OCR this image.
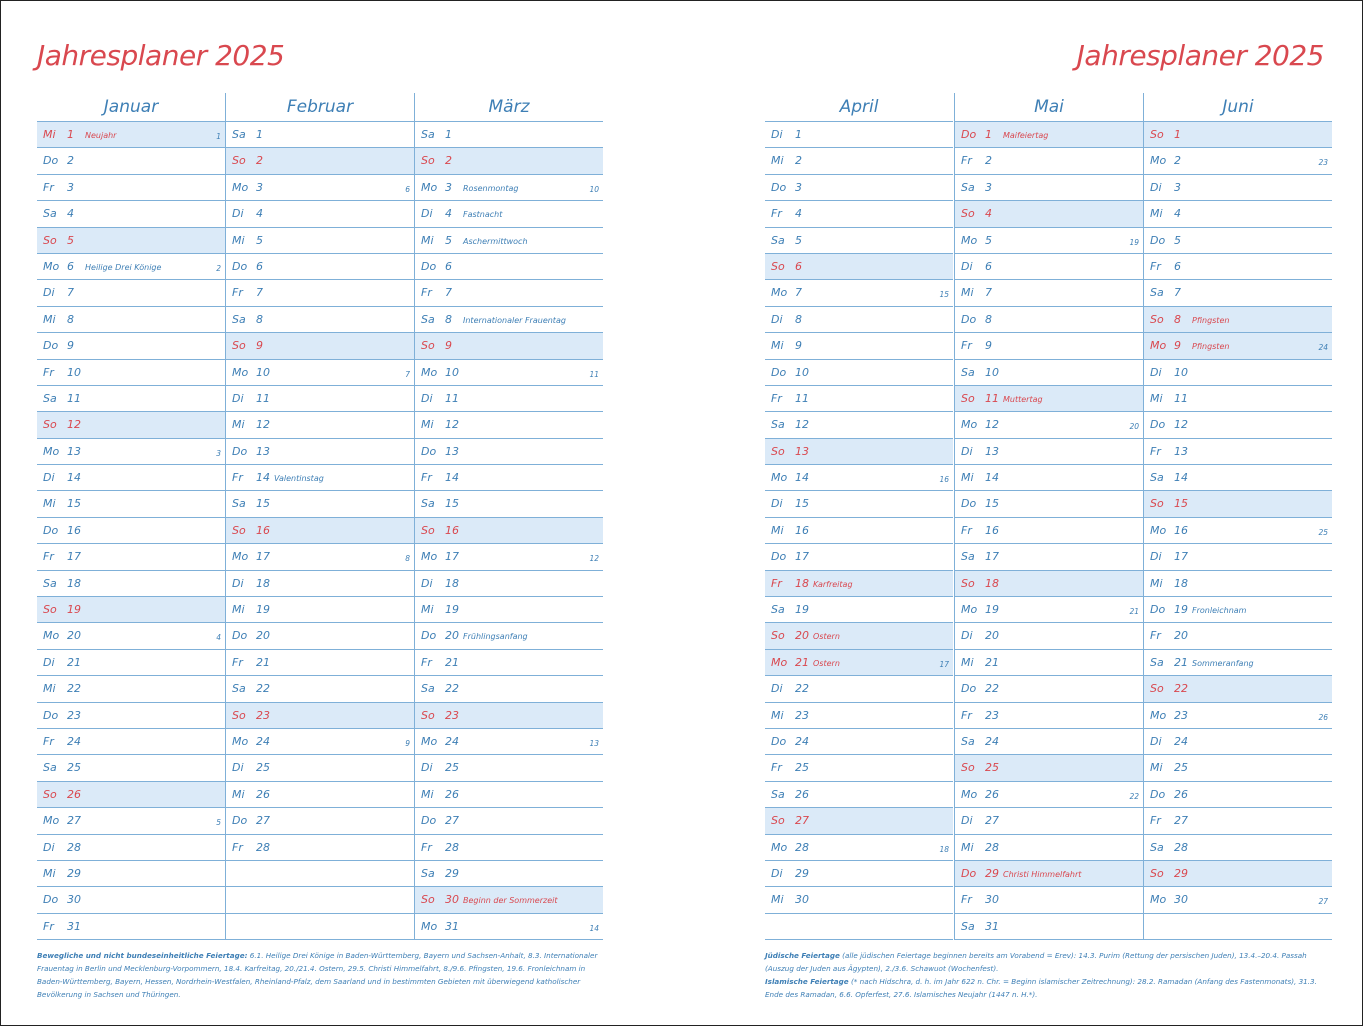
Jahresplaner 2025	Jahresplaner 2025
Januar
Mi 1 Neujahr	1
Do 2
Fr 3
Sa 4
So 5
Mo 6 Heilige Drei Könige	2
Di 7
Mi 8
Do 9
Fr 10
Sa 11
So 12
Mo 13	3
Di 14
Mi 15
Do 16
Fr 17
Sa 18
So 19
Mo 20	4
Di 21
Mi 22
Do 23
Fr 24
Sa 25
So 26
Mo 27	5
Di 28
Mi 29
Do 30
Fr 31
Februar
Sa 1
So 2
Mo 3	6
Di 4
Mi 5
Do 6
Fr 7
Sa 8
So 9
Mo 10	7
Di 11
Mi 12
Do 13
Fr 14 Valentinstag
Sa 15
So 16
Mo 17	8
Di 18
Mi 19
Do 20
Fr 21
Sa 22
So 23
Mo 24	9
Di 25
Mi 26
Do 27
Fr 28
März
Sa 1
So 2
Mo 3 Rosenmontag	10
Di 4 Fastnacht
Mi 5 Aschermittwoch
Do 6
Fr 7
Sa 8 Internationaler Frauentag
So 9
Mo 10	11
Di 11
Mi 12
Do 13
Fr 14
Sa 15
So 16
Mo 17	12
Di 18
Mi 19
Do 20 Frühlingsanfang
Fr 21
Sa 22
So 23
Mo 24	13
Di 25
Mi 26
Do 27
Fr 28
Sa 29
So 30 Beginn der Sommerzeit
Mo 31	14
April
Di 1
Mi 2
Do 3
Fr 4
Sa 5
So 6
Mo 7	15
Di 8
Mi 9
Do 10
Fr 11
Sa 12
So 13
Mo 14	16
Di 15
Mi 16
Do 17
Fr 18 Karfreitag
Sa 19
So 20 Ostern
Mo 21 Ostern	17
Di 22
Mi 23
Do 24
Fr 25
Sa 26
So 27
Mo 28	18
Di 29
Mi 30
Mai
Do 1 Maifeiertag
Fr 2
Sa 3
So 4
Mo 5	19
Di 6
Mi 7
Do 8
Fr 9
Sa 10
So 11 Muttertag
Mo 12	20
Di 13
Mi 14
Do 15
Fr 16
Sa 17
So 18
Mo 19	21
Di 20
Mi 21
Do 22
Fr 23
Sa 24
So 25
Mo 26	22
Di 27
Mi 28
Do 29 Christi Himmelfahrt
Fr 30
Sa 31
Juni
So 1
Mo 2	23
Di 3
Mi 4
Do 5
Fr 6
Sa 7
So 8 Pfingsten
Mo 9 Pfingsten	24
Di 10
Mi 11
Do 12
Fr 13
Sa 14
So 15
Mo 16	25
Di 17
Mi 18
Do 19 Fronleichnam
Fr 20
Sa 21 Sommeranfang
So 22
Mo 23	26
Di 24
Mi 25
Do 26
Fr 27
Sa 28
So 29
Mo 30	27
Bewegliche und nicht bundeseinheitliche Feiertage: 6.1. Heilige Drei Könige in Baden-Württemberg, Bayern und Sachsen-Anhalt, 8.3. Internationaler Frauentag in Berlin und Mecklenburg-Vorpommern, 18.4. Karfreitag, 20./21.4. Ostern, 29.5. Christi Himmelfahrt, 8./9.6. Pfingsten, 19.6. Fronleichnam in Baden-Württemberg, Bayern, Hessen, Nordrhein-Westfalen, Rheinland-Pfalz, dem Saarland und in bestimmten Gebieten mit überwiegend katholischer Bevölkerung in Sachsen und Thüringen.
Jüdische Feiertage (alle jüdischen Feiertage beginnen bereits am Vorabend = Erev): 14.3. Purim (Rettung der persischen Juden), 13.4.–20.4. Passah (Auszug der Juden aus Ägypten), 2./3.6. Schawuot (Wochenfest).
Islamische Feiertage (* nach Hidschra, d. h. im Jahr 622 n. Chr. = Beginn islamischer Zeitrechnung): 28.2. Ramadan (Anfang des Fastenmonats), 31.3. Ende des Ramadan, 6.6. Opferfest, 27.6. Islamisches Neujahr (1447 n. H.*).
